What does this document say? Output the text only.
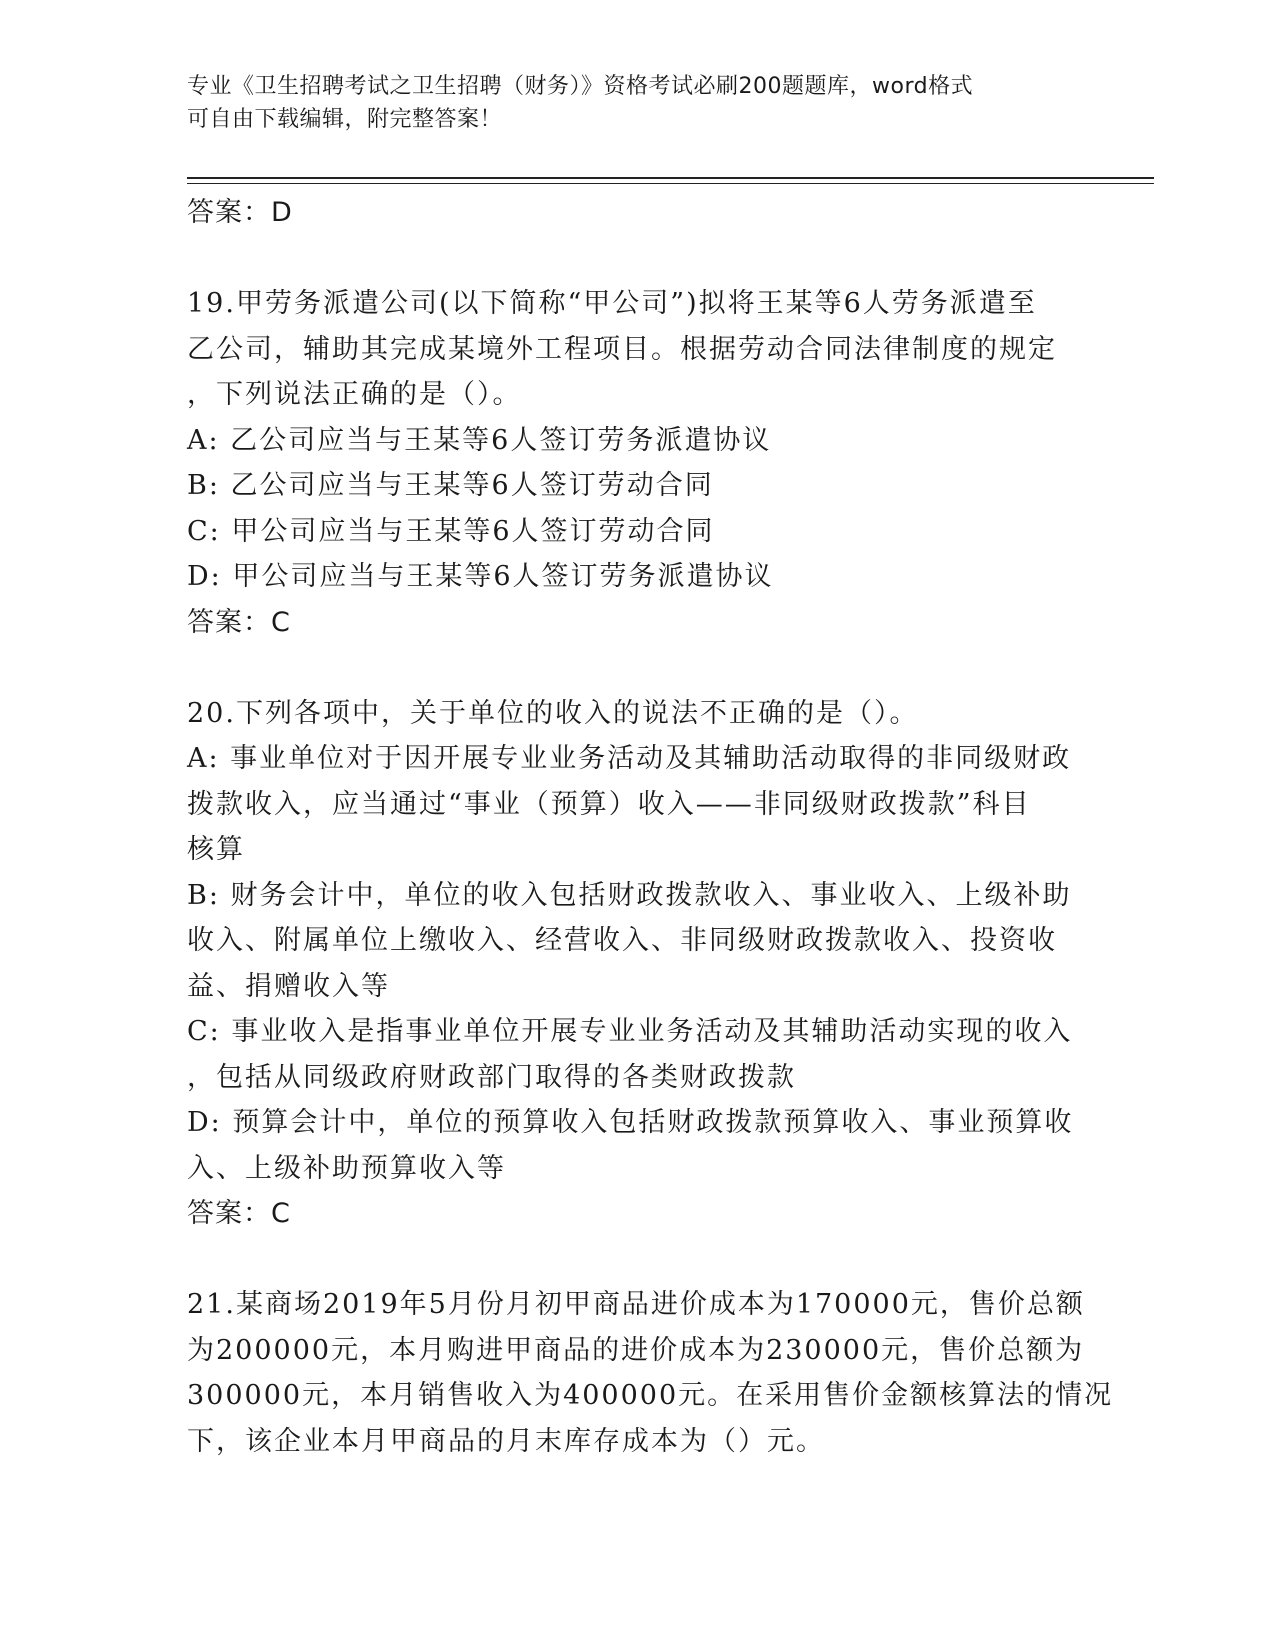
专业《卫生招聘考试之卫生招聘（财务）》资格考试必刷200题题库，word格式
可自由下载编辑，附完整答案！
答案：D
19.甲劳务派遣公司(以下简称“甲公司”)拟将王某等6人劳务派遣至
乙公司，辅助其完成某境外工程项目。根据劳动合同法律制度的规定
，下列说法正确的是（）。
A: 乙公司应当与王某等6人签订劳务派遣协议
B: 乙公司应当与王某等6人签订劳动合同
C: 甲公司应当与王某等6人签订劳动合同
D: 甲公司应当与王某等6人签订劳务派遣协议
答案：C
20.下列各项中，关于单位的收入的说法不正确的是（）。
A: 事业单位对于因开展专业业务活动及其辅助活动取得的非同级财政
拨款收入，应当通过“事业（预算）收入——非同级财政拨款”科目
核算
B: 财务会计中，单位的收入包括财政拨款收入、事业收入、上级补助
收入、附属单位上缴收入、经营收入、非同级财政拨款收入、投资收
益、捐赠收入等
C: 事业收入是指事业单位开展专业业务活动及其辅助活动实现的收入
，包括从同级政府财政部门取得的各类财政拨款
D: 预算会计中，单位的预算收入包括财政拨款预算收入、事业预算收
入、上级补助预算收入等
答案：C
21.某商场2019年5月份月初甲商品进价成本为170000元，售价总额
为200000元，本月购进甲商品的进价成本为230000元，售价总额为
300000元，本月销售收入为400000元。在采用售价金额核算法的情况
下，该企业本月甲商品的月末库存成本为（）元。
